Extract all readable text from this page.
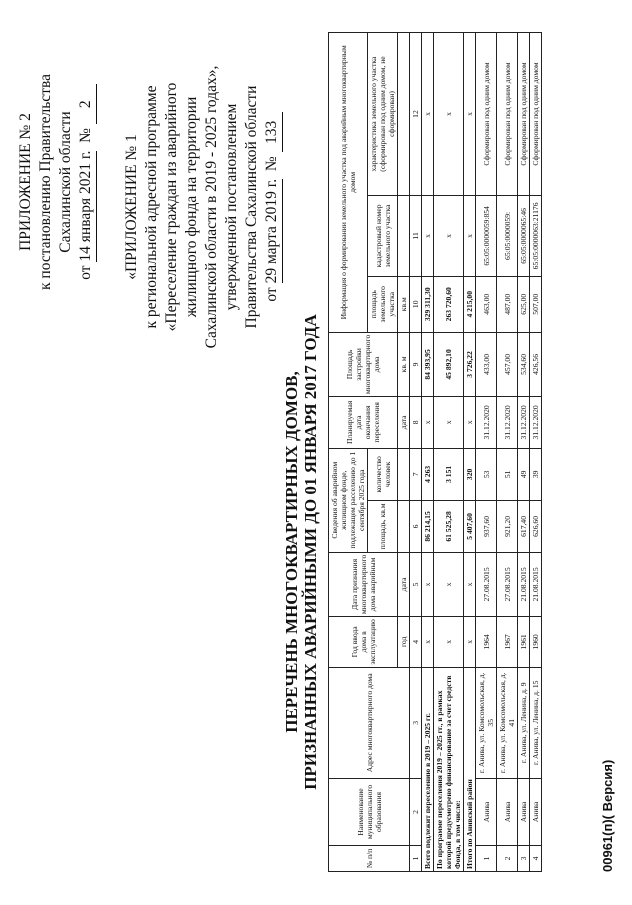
ПРИЛОЖЕНИЕ № 2 к постановлению Правительства Сахалинской области
от 14 января 2021 г.  № 2
«ПРИЛОЖЕНИЕ № 1 к региональной адресной программе «Переселение граждан из аварийного жилищного фонда на территории Сахалинской области в 2019 - 2025 годах», утвержденной постановлением Правительства Сахалинской области от 29 марта 2019 г.  № 133
ПЕРЕЧЕНЬ МНОГОКВАРТИРНЫХ ДОМОВ, ПРИЗНАННЫХ АВАРИЙНЫМИ ДО 01 ЯНВАРЯ 2017 ГОДА
№ п/п	Наименование муниципального образования	Адрес многоквартирного дома	Год ввода дома в эксплуатацию	Дата признания многоквартирного дома аварийным	Сведения об аварийном жилищном фонде, подлежащем расселению до 1 сентября 2025 года		Планируемая дата окончания переселения	Площадь застройки многоквартирного дома	Информация о формировании земельного участка под аварийным многоквартирным домом		
					площадь, кв.м	количество человек			площадь земельного участка	кадастровый номер земельного участка	характеристика земельного участка (сформирован под одним домом, не сформирован)
			год	дата			дата	кв. м	кв.м		
1	2	3	4	5	6	7	8	9	10	11	12
Всего подлежит переселению в 2019 – 2025 гг.			х	х	86 214,15	4 263	х	84 393,95	329 311,30	х	х
По программе переселения 2019 – 2025 гг., в рамках которой предусмотрено финансирование за счет средств Фонда, в том числе:			х	х	61 525,28	3 151	х	45 892,10	263 720,60	х	х
Итого по Анивский район			х	х	5 407,60	320	х	3 726,22	4 215,00	х	х
1	Анива	г. Анива, ул. Комсомольская, д. 35	1964	27.08.2015	937,60	53	31.12.2020	433,00	463,00	65:05:0000059:854	Сформирован под одним домом
2	Анива	г. Анива, ул. Комсомольская, д. 41	1967	27.08.2015	921,20	51	31.12.2020	457,00	487,00	65:05:0000059:	Сформирован под одним домом
3	Анива	г. Анива, ул. Ленина, д. 9	1961	21.08.2015	617,40	49	31.12.2020	534,60	625,00	65:05:0000065:46	Сформирован под одним домом
4	Анива	г. Анива, ул. Ленина, д. 15	1960	21.08.2015	626,60	39	31.12.2020	426,56	507,00	65:05:0000063:21176	Сформирован под одним домом
00961(п)( Версия)
